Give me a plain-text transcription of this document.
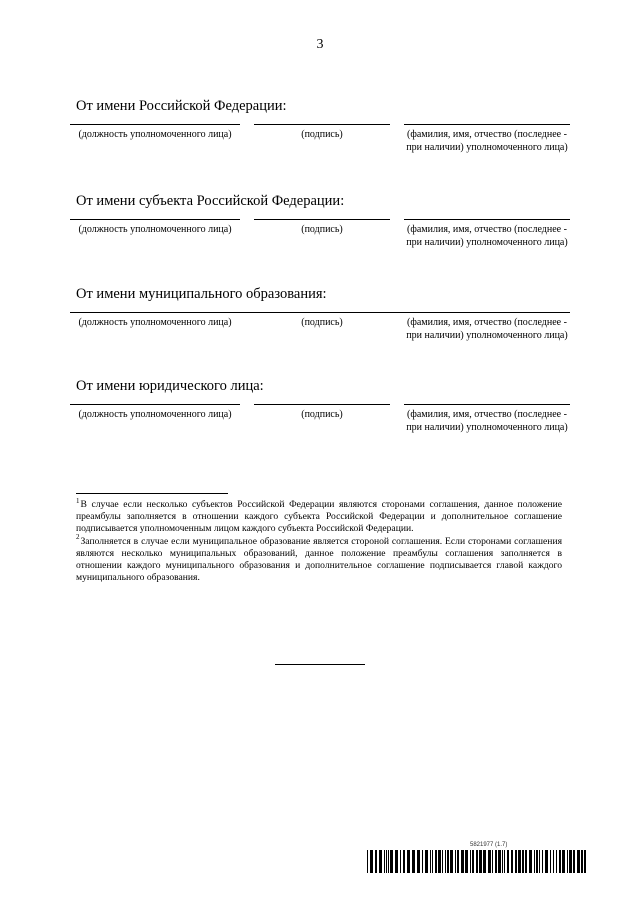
3
От имени Российской Федерации:
(должность уполномоченного лица)	(подпись)	(фамилия, имя, отчество (последнее - при наличии) уполномоченного лица)
От имени субъекта Российской Федерации:
(должность уполномоченного лица)	(подпись)	(фамилия, имя, отчество (последнее - при наличии) уполномоченного лица)
От имени муниципального образования:
(должность уполномоченного лица)	(подпись)	(фамилия, имя, отчество (последнее - при наличии) уполномоченного лица)
От имени юридического лица:
(должность уполномоченного лица)	(подпись)	(фамилия, имя, отчество (последнее - при наличии) уполномоченного лица)

$^1$В случае если несколько субъектов Российской Федерации являются сторонами соглашения, данное положение преамбулы заполняется в отношении каждого субъекта Российской Федерации и дополнительное соглашение подписывается уполномоченным лицом каждого субъекта Российской Федерации.

$^2$Заполняется в случае если муниципальное образование является стороной соглашения. Если сторонами соглашения являются несколько муниципальных образований, данное положение преамбулы соглашения заполняется в отношении каждого муниципального образования и дополнительное соглашение подписывается главой каждого муниципального образования.

5821977 (1.7)
